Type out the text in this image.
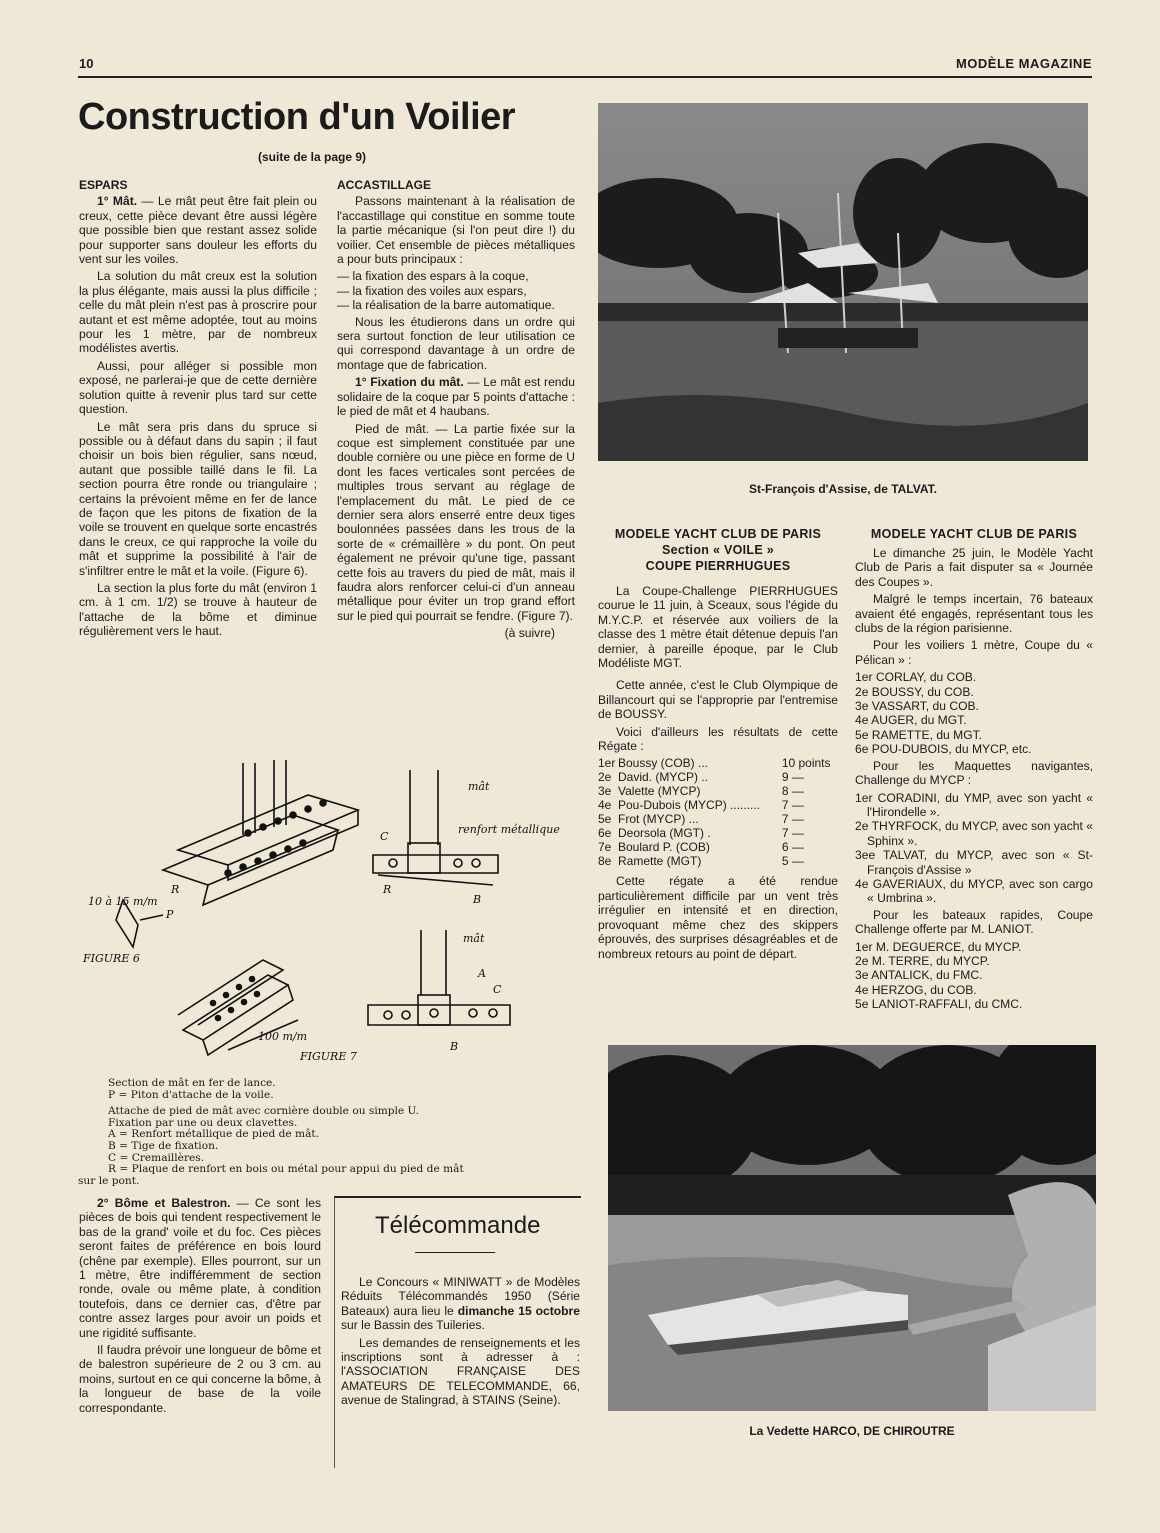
10	MODÈLE MAGAZINE
Construction d'un Voilier
(suite de la page 9)
ESPARS

1° Mât. — Le mât peut être fait plein ou creux, cette pièce devant être aussi légère que possible bien que restant assez solide pour supporter sans douleur les efforts du vent sur les voiles.

La solution du mât creux est la solution la plus élégante, mais aussi la plus difficile ; celle du mât plein n'est pas à proscrire pour autant et est même adoptée, tout au moins pour les 1 mètre, par de nombreux modélistes avertis.

Aussi, pour alléger si possible mon exposé, ne parlerai-je que de cette dernière solution quitte à revenir plus tard sur cette question.

Le mât sera pris dans du spruce si possible ou à défaut dans du sapin ; il faut choisir un bois bien régulier, sans nœud, autant que possible taillé dans le fil. La section pourra être ronde ou triangulaire ; certains la prévoient même en fer de lance de façon que les pitons de fixation de la voile se trouvent en quelque sorte encastrés dans le creux, ce qui rapproche la voile du mât et supprime la possibilité à l'air de s'infiltrer entre le mât et la voile. (Figure 6).

La section la plus forte du mât (environ 1 cm. à 1 cm. 1/2) se trouve à hauteur de l'attache de la bôme et diminue régulièrement vers le haut.

ACCASTILLAGE

Passons maintenant à la réalisation de l'accastillage qui constitue en somme toute la partie mécanique (si l'on peut dire !) du voilier. Cet ensemble de pièces métalliques a pour buts principaux :

— la fixation des espars à la coque,
— la fixation des voiles aux espars,
— la réalisation de la barre automatique.

Nous les étudierons dans un ordre qui sera surtout fonction de leur utilisation ce qui correspond davantage à un ordre de montage que de fabrication.

1° Fixation du mât. — Le mât est rendu solidaire de la coque par 5 points d'attache : le pied de mât et 4 haubans.

Pied de mât. — La partie fixée sur la coque est simplement constituée par une double cornière ou une pièce en forme de U dont les faces verticales sont percées de multiples trous servant au réglage de l'emplacement du mât. Le pied de ce dernier sera alors enserré entre deux tiges boulonnées passées dans les trous de la sorte de « crémaillère » du pont. On peut également ne prévoir qu'une tige, passant cette fois au travers du pied de mât, mais il faudra alors renforcer celui-ci d'un anneau métallique pour éviter un trop grand effort sur le pied qui pourrait se fendre. (Figure 7).

(à suivre)
FIGURE 6
FIGURE 7
mât
renfort métallique
mât
10 à 15 m/m
100 m/m
P
R
C
R
B
A
C
B
Section de mât en fer de lance.
P = Piton d'attache de la voile.
Attache de pied de mât avec cornière double ou simple U.
Fixation par une ou deux clavettes.
A = Renfort métallique de pied de mât.
B = Tige de fixation.
C = Cremaillères.
R = Plaque de renfort en bois ou métal pour appui du pied de mât
sur le pont.

2° Bôme et Balestron. — Ce sont les pièces de bois qui tendent respectivement le bas de la grand' voile et du foc. Ces pièces seront faites de préférence en bois lourd (chêne par exemple). Elles pourront, sur un 1 mètre, être indifféremment de section ronde, ovale ou même plate, à condition toutefois, dans ce dernier cas, d'être par contre assez larges pour avoir un poids et une rigidité suffisante.

Il faudra prévoir une longueur de bôme et de balestron supérieure de 2 ou 3 cm. au moins, surtout en ce qui concerne la bôme, à la longueur de base de la voile correspondante.

Télécommande

Le Concours « MINIWATT » de Modèles Réduits Télécommandés 1950 (Série Bateaux) aura lieu le dimanche 15 octobre sur le Bassin des Tuileries.

Les demandes de renseignements et les inscriptions sont à adresser à : l'ASSOCIATION FRANÇAISE DES AMATEURS DE TELECOMMANDE, 66, avenue de Stalingrad, à STAINS (Seine).

St-François d'Assise, de TALVAT.
MODELE YACHT CLUB DE PARIS
Section « VOILE »
COUPE PIERRHUGUES

La Coupe-Challenge PIERRHUGUES courue le 11 juin, à Sceaux, sous l'égide du M.Y.C.P. et réservée aux voiliers de la classe des 1 mètre était détenue depuis l'an dernier, à pareille époque, par le Club Modéliste MGT.

Cette année, c'est le Club Olympique de Billancourt qui se l'approprie par l'entremise de BOUSSY.

Voici d'ailleurs les résultats de cette Régate :

1er	Boussy (COB) ...	10 points
2e	David. (MYCP) ..	9 —
3e	Valette (MYCP)	8 —
4e	Pou-Dubois (MYCP) .........	7 —
5e	Frot (MYCP) ...	7 —
6e	Deorsola (MGT) .	7 —
7e	Boulard P. (COB)	6 —
8e	Ramette (MGT)	5 —

Cette régate a été rendue particulièrement difficile par un vent très irrégulier en intensité et en direction, provoquant même chez des skippers éprouvés, des surprises désagréables et de nombreux retours au point de départ.

MODELE YACHT CLUB DE PARIS

Le dimanche 25 juin, le Modèle Yacht Club de Paris a fait disputer sa « Journée des Coupes ».

Malgré le temps incertain, 76 bateaux avaient été engagés, représentant tous les clubs de la région parisienne.

Pour les voiliers 1 mètre, Coupe du « Pélican » :

1er CORLAY, du COB.
2e BOUSSY, du COB.
3e VASSART, du COB.
4e AUGER, du MGT.
5e RAMETTE, du MGT.
6e POU-DUBOIS, du MYCP, etc.

Pour les Maquettes navigantes, Challenge du MYCP :

1er CORADINI, du YMP, avec son yacht « l'Hirondelle ».
2e THYRFOCK, du MYCP, avec son yacht « Sphinx ».
3ee TALVAT, du MYCP, avec son « St-François d'Assise »
4e GAVERIAUX, du MYCP, avec son cargo « Umbrina ».

Pour les bateaux rapides, Coupe Challenge offerte par M. LANIOT.

1er M. DEGUERCE, du MYCP.
2e M. TERRE, du MYCP.
3e ANTALICK, du FMC.
4e HERZOG, du COB.
5e LANIOT-RAFFALI, du CMC.
La Vedette HARCO, DE CHIROUTRE
